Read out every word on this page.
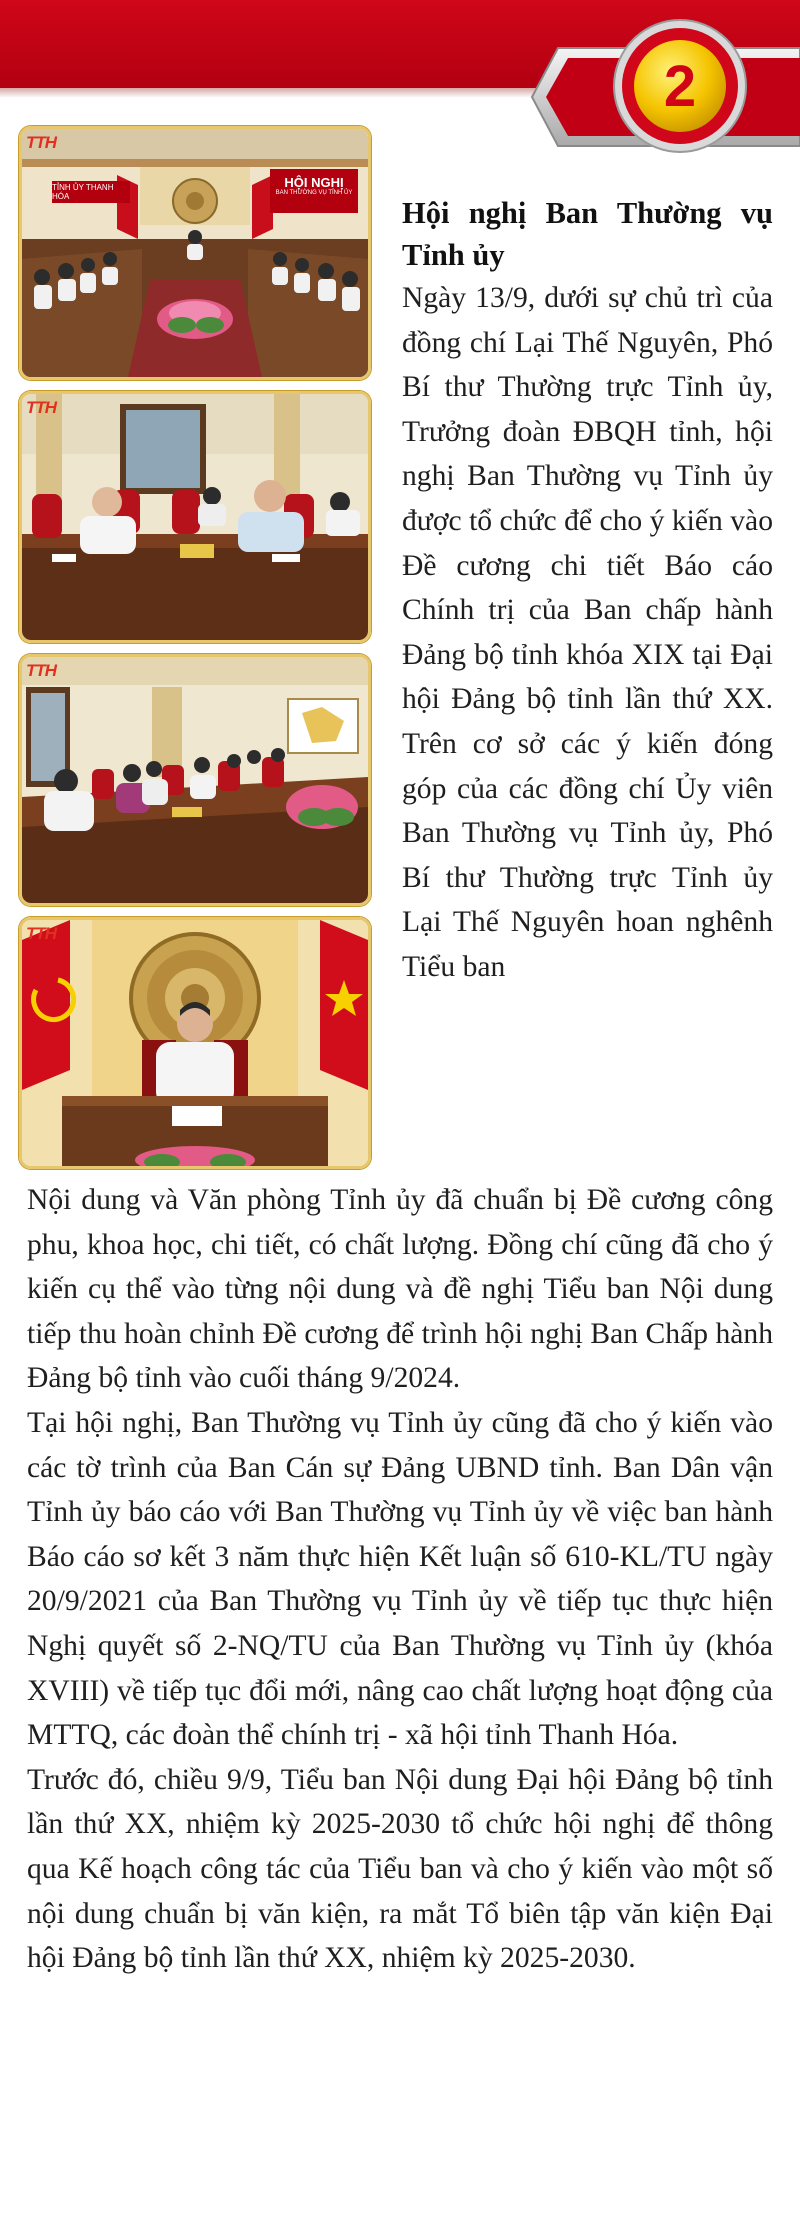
2
TTH
TỈNH ỦY THANH HÓA
HỘI NGHỊ
BAN THƯỜNG VỤ TỈNH ỦY
TTH
TTH
TTH
Hội nghị Ban Thường vụ Tỉnh ủy
Ngày 13/9, dưới sự chủ trì của đồng chí Lại Thế Nguyên, Phó Bí thư Thường trực Tỉnh ủy, Trưởng đoàn ĐBQH tỉnh, hội nghị Ban Thường vụ Tỉnh ủy được tổ chức để cho ý kiến vào Đề cương chi tiết Báo cáo Chính trị của Ban chấp hành Đảng bộ tỉnh khóa XIX tại Đại hội Đảng bộ tỉnh lần thứ XX. Trên cơ sở các ý kiến đóng góp của các đồng chí Ủy viên Ban Thường vụ Tỉnh ủy, Phó Bí thư Thường trực Tỉnh ủy Lại Thế Nguyên hoan nghênh Tiểu ban

Nội dung và Văn phòng Tỉnh ủy đã chuẩn bị Đề cương công phu, khoa học, chi tiết, có chất lượng. Đồng chí cũng đã cho ý kiến cụ thể vào từng nội dung và đề nghị Tiểu ban Nội dung tiếp thu hoàn chỉnh Đề cương để trình hội nghị Ban Chấp hành Đảng bộ tỉnh vào cuối tháng 9/2024.

Tại hội nghị, Ban Thường vụ Tỉnh ủy cũng đã cho ý kiến vào các tờ trình của Ban Cán sự Đảng UBND tỉnh. Ban Dân vận Tỉnh ủy báo cáo với Ban Thường vụ Tỉnh ủy về việc ban hành Báo cáo sơ kết 3 năm thực hiện Kết luận số 610-KL/TU ngày 20/9/2021 của Ban Thường vụ Tỉnh ủy về tiếp tục thực hiện Nghị quyết số 2-NQ/TU của Ban Thường vụ Tỉnh ủy (khóa XVIII) về tiếp tục đổi mới, nâng cao chất lượng hoạt động của MTTQ, các đoàn thể chính trị - xã hội tỉnh Thanh Hóa.

Trước đó, chiều 9/9, Tiểu ban Nội dung Đại hội Đảng bộ tỉnh lần thứ XX, nhiệm kỳ 2025-2030 tổ chức hội nghị để thông qua Kế hoạch công tác của Tiểu ban và cho ý kiến vào một số nội dung chuẩn bị văn kiện, ra mắt Tổ biên tập văn kiện Đại hội Đảng bộ tỉnh lần thứ XX, nhiệm kỳ 2025-2030.
